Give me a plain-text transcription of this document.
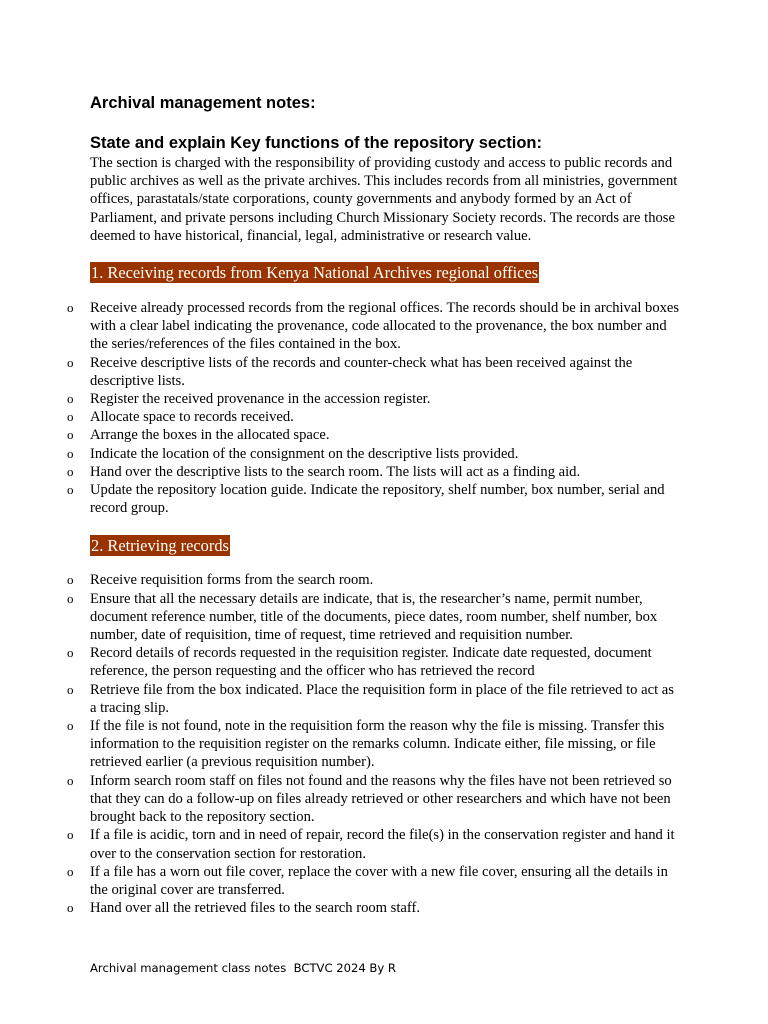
Archival management notes:
State and explain Key functions of the repository section:

The section is charged with the responsibility of providing custody and access to public records and public archives as well as the private archives. This includes records from all ministries, government offices, parastatals/state corporations, county governments and anybody formed by an Act of Parliament, and private persons including Church Missionary Society records. The records are those deemed to have historical, financial, legal, administrative or research value.

1. Receiving records from Kenya National Archives regional offices
o Receive already processed records from the regional offices. The records should be in archival boxes with a clear label indicating the provenance, code allocated to the provenance, the box number and the series/references of the files contained in the box.
o Receive descriptive lists of the records and counter-check what has been received against the descriptive lists.
o Register the received provenance in the accession register.
o Allocate space to records received.
o Arrange the boxes in the allocated space.
o Indicate the location of the consignment on the descriptive lists provided.
o Hand over the descriptive lists to the search room. The lists will act as a finding aid.
o Update the repository location guide. Indicate the repository, shelf number, box number, serial and record group.
2. Retrieving records
o Receive requisition forms from the search room.
o Ensure that all the necessary details are indicate, that is, the researcher’s name, permit number, document reference number, title of the documents, piece dates, room number, shelf number, box number, date of requisition, time of request, time retrieved and requisition number.
o Record details of records requested in the requisition register. Indicate date requested, document reference, the person requesting and the officer who has retrieved the record
o Retrieve file from the box indicated. Place the requisition form in place of the file retrieved to act as a tracing slip.
o If the file is not found, note in the requisition form the reason why the file is missing. Transfer this information to the requisition register on the remarks column. Indicate either, file missing, or file retrieved earlier (a previous requisition number).
o Inform search room staff on files not found and the reasons why the files have not been retrieved so that they can do a follow-up on files already retrieved or other researchers and which have not been brought back to the repository section.
o If a file is acidic, torn and in need of repair, record the file(s) in the conservation register and hand it over to the conservation section for restoration.
o If a file has a worn out file cover, replace the cover with a new file cover, ensuring all the details in the original cover are transferred.
o Hand over all the retrieved files to the search room staff.
Archival management class notes  BCTVC 2024 By R
